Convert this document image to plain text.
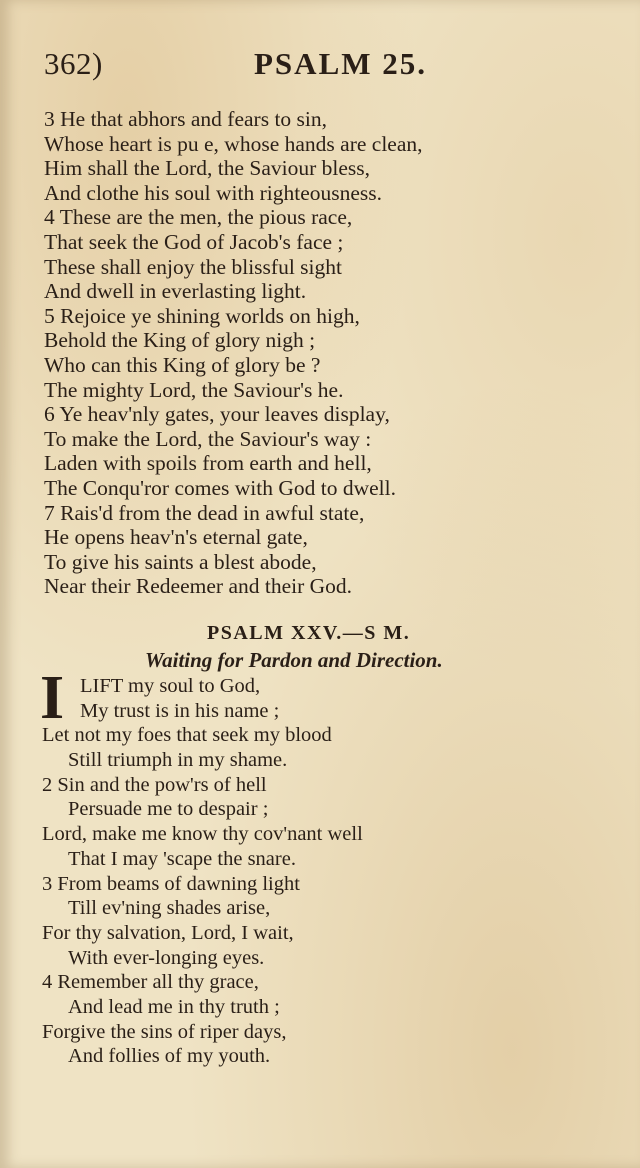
362)	PSALM 25.
3 He that abhors and fears to sin,
Whose heart is pu e, whose hands are clean,
Him shall the Lord, the Saviour bless,
And clothe his soul with righteousness.
4 These are the men, the pious race,
That seek the God of Jacob's face ;
These shall enjoy the blissful sight
And dwell in everlasting light.
5 Rejoice ye shining worlds on high,
Behold the King of glory nigh ;
Who can this King of glory be ?
The mighty Lord, the Saviour's he.
6 Ye heav'nly gates, your leaves display,
To make the Lord, the Saviour's way :
Laden with spoils from earth and hell,
The Conqu'ror comes with God to dwell.
7 Rais'd from the dead in awful state,
He opens heav'n's eternal gate,
To give his saints a blest abode,
Near their Redeemer and their God.
PSALM XXV.—S M.
Waiting for Pardon and Direction.
I LIFT my soul to God,
My trust is in his name ;
Let not my foes that seek my blood
Still triumph in my shame.
2 Sin and the pow'rs of hell
Persuade me to despair ;
Lord, make me know thy cov'nant well
That I may 'scape the snare.
3 From beams of dawning light
Till ev'ning shades arise,
For thy salvation, Lord, I wait,
With ever-longing eyes.
4 Remember all thy grace,
And lead me in thy truth ;
Forgive the sins of riper days,
And follies of my youth.
